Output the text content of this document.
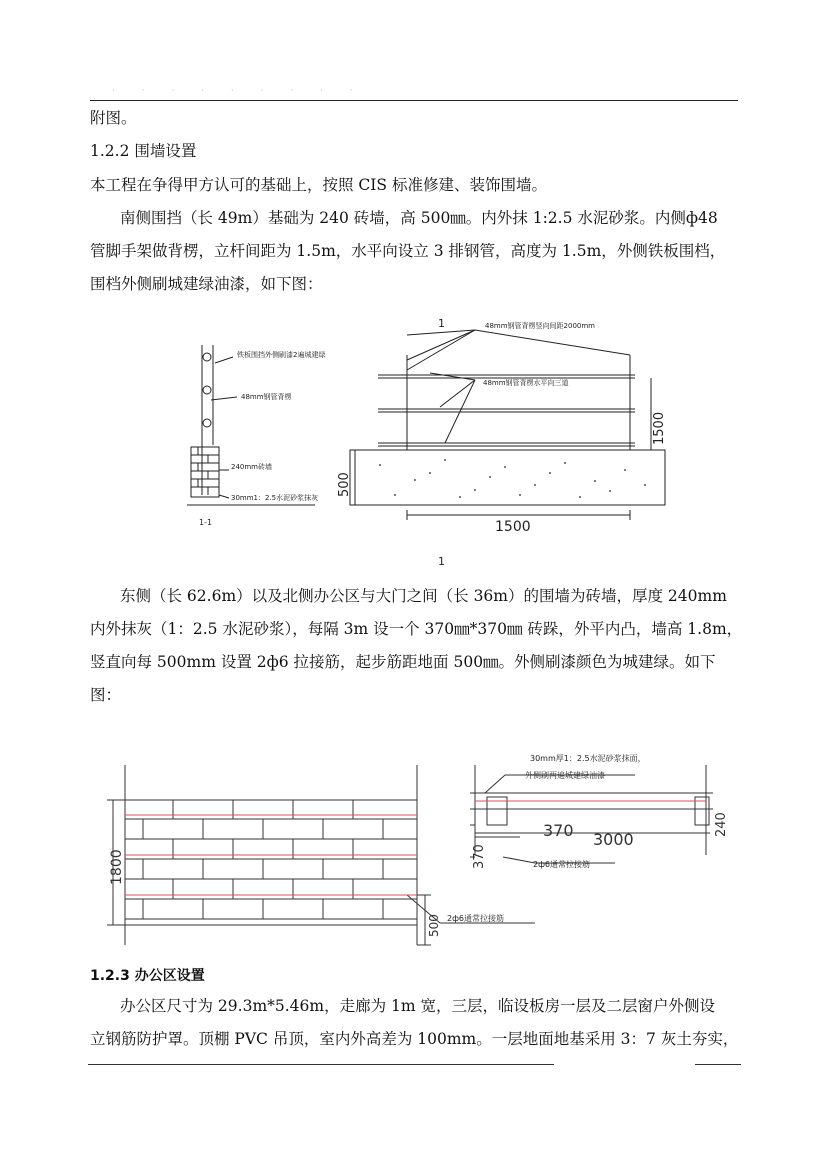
· · · · · · · · ·
附图。
1.2.2 围墙设置
本工程在争得甲方认可的基础上，按照 CIS 标准修建、装饰围墙。
南侧围挡（长 49m）基础为 240 砖墙，高 500㎜。内外抹 1:2.5 水泥砂浆。内侧ф48
管脚手架做背楞，立杆间距为 1.5m，水平向设立 3 排钢管，高度为 1.5m，外侧铁板围档，
围档外侧刷城建绿油漆，如下图：
铁板围挡外侧刷漆2遍城建绿
48mm钢管背楞
240mm砖墙
30mm1：2.5水泥砂浆抹灰
1-1
48mm钢管背楞竖向间距2000mm
48mm钢管背楞水平向三道
1500
500
1500
1
1
东侧（长 62.6m）以及北侧办公区与大门之间（长 36m）的围墙为砖墙，厚度 240mm
内外抹灰（1：2.5 水泥砂浆），每隔 3m 设一个 370㎜*370㎜ 砖跺，外平内凸，墙高 1.8m，
竖直向每 500mm 设置 2ф6 拉接筋，起步筋距地面 500㎜。外侧刷漆颜色为城建绿。如下
图：
1800
500 2ф6通常拉接筋
30mm厚1：2.5水泥砂浆抹面，
外侧刷两遍城建绿油漆
370 3000
370
240
2ф6通常拉接筋
1.2.3 办公区设置
办公区尺寸为 29.3m*5.46m，走廊为 1m 宽，三层，临设板房一层及二层窗户外侧设
立钢筋防护罩。顶棚 PVC 吊顶，室内外高差为 100mm。一层地面地基采用 3：7 灰土夯实，
